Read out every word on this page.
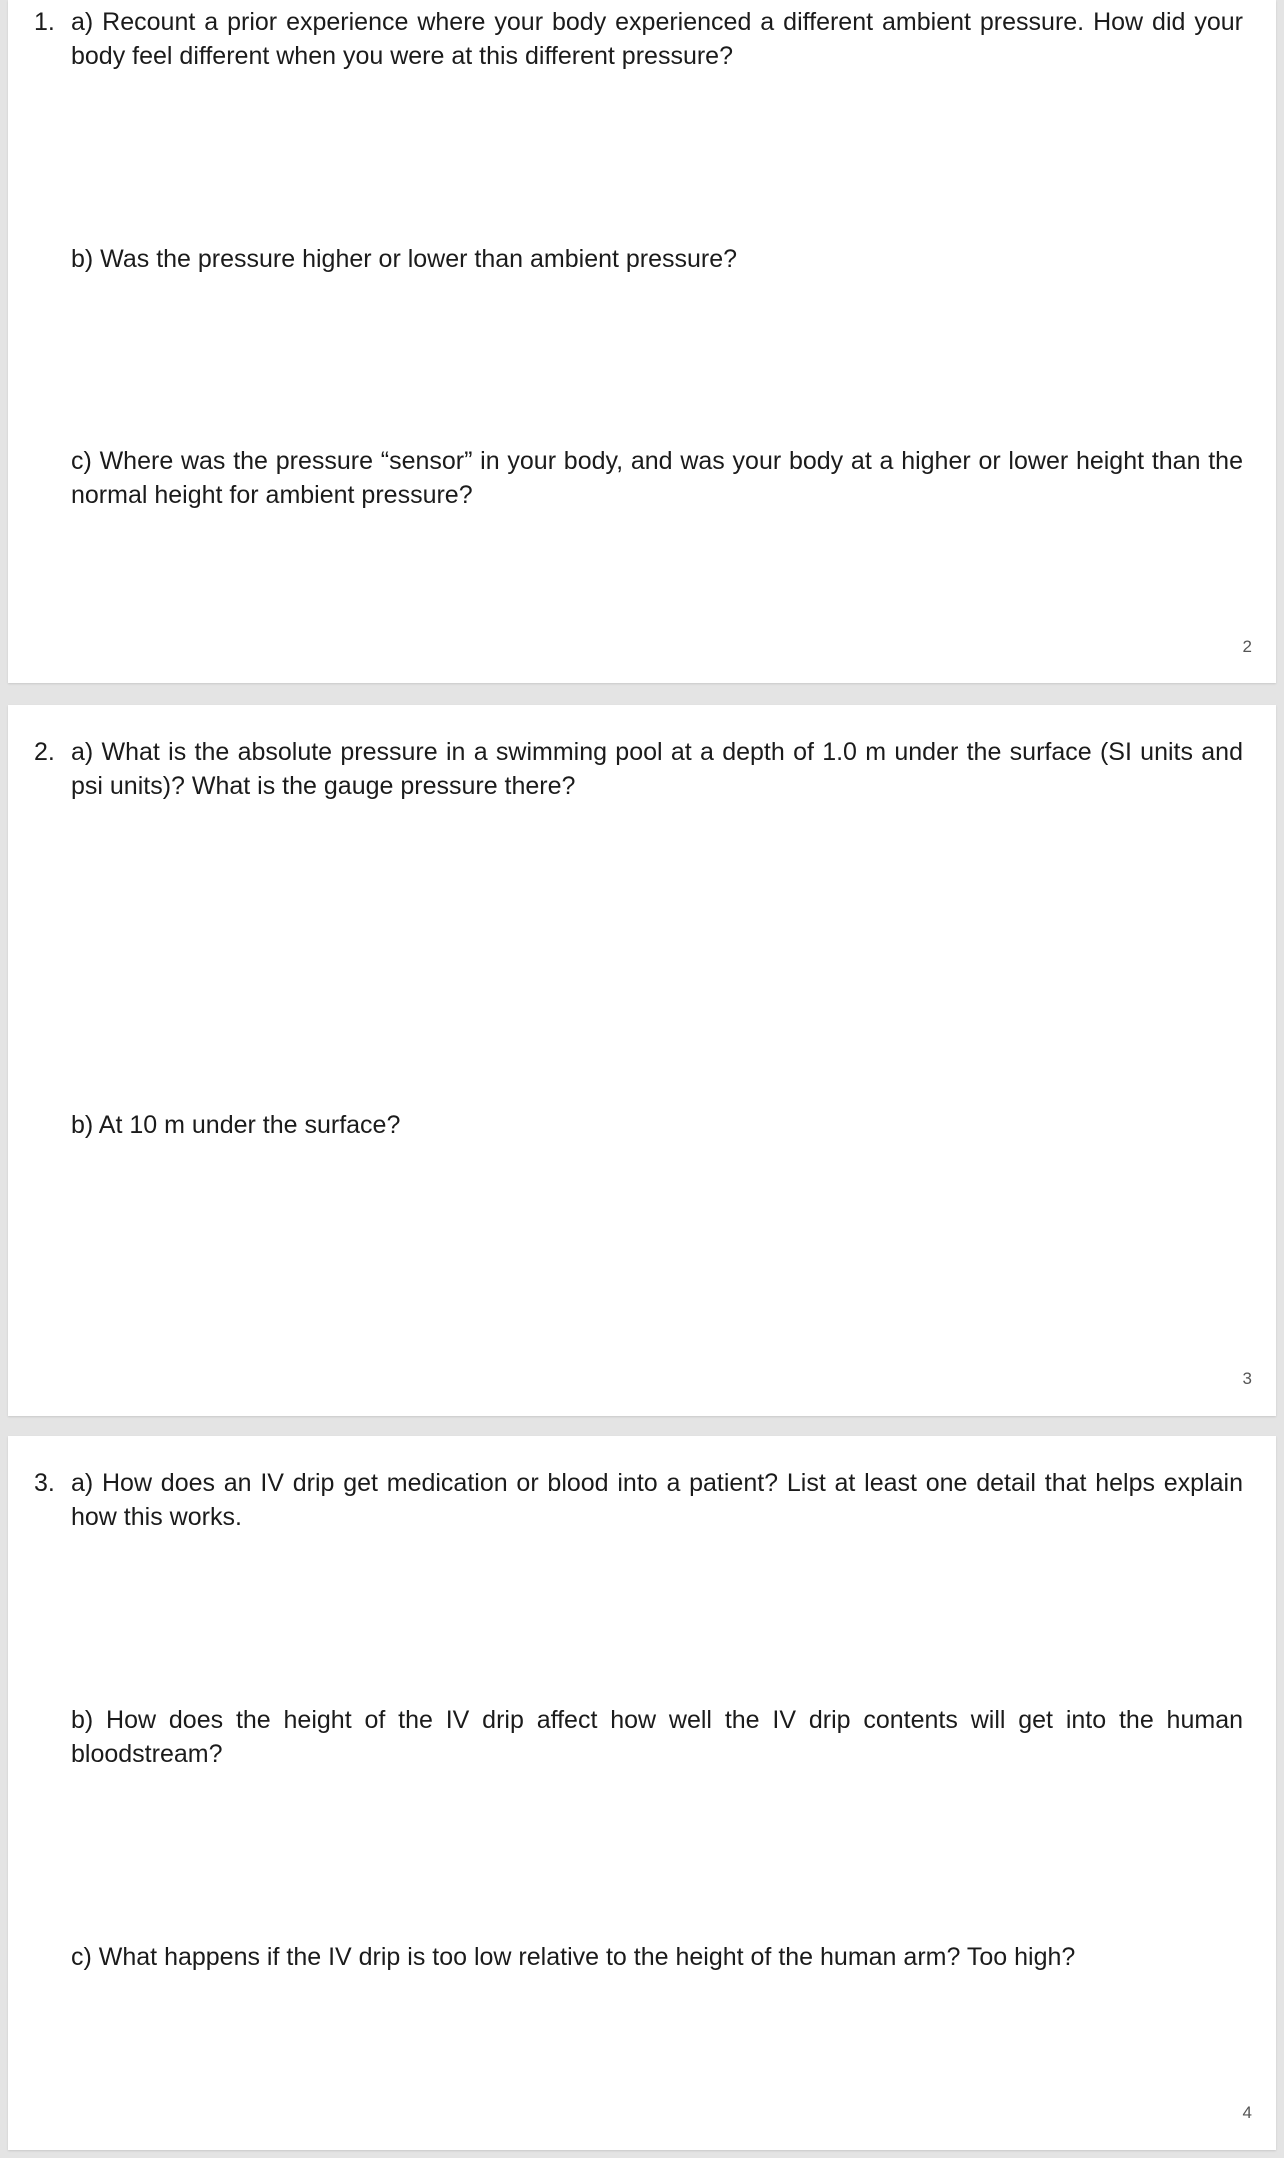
1. a) Recount a prior experience where your body experienced a different ambient pressure. How did your body feel different when you were at this different pressure?

b) Was the pressure higher or lower than ambient pressure?

c) Where was the pressure “sensor” in your body, and was your body at a higher or lower height than the normal height for ambient pressure?

2

2. a) What is the absolute pressure in a swimming pool at a depth of 1.0 m under the surface (SI units and psi units)? What is the gauge pressure there?

b) At 10 m under the surface?

3

3. a) How does an IV drip get medication or blood into a patient? List at least one detail that helps explain how this works.

b) How does the height of the IV drip affect how well the IV drip contents will get into the human bloodstream?

c) What happens if the IV drip is too low relative to the height of the human arm? Too high?

4
